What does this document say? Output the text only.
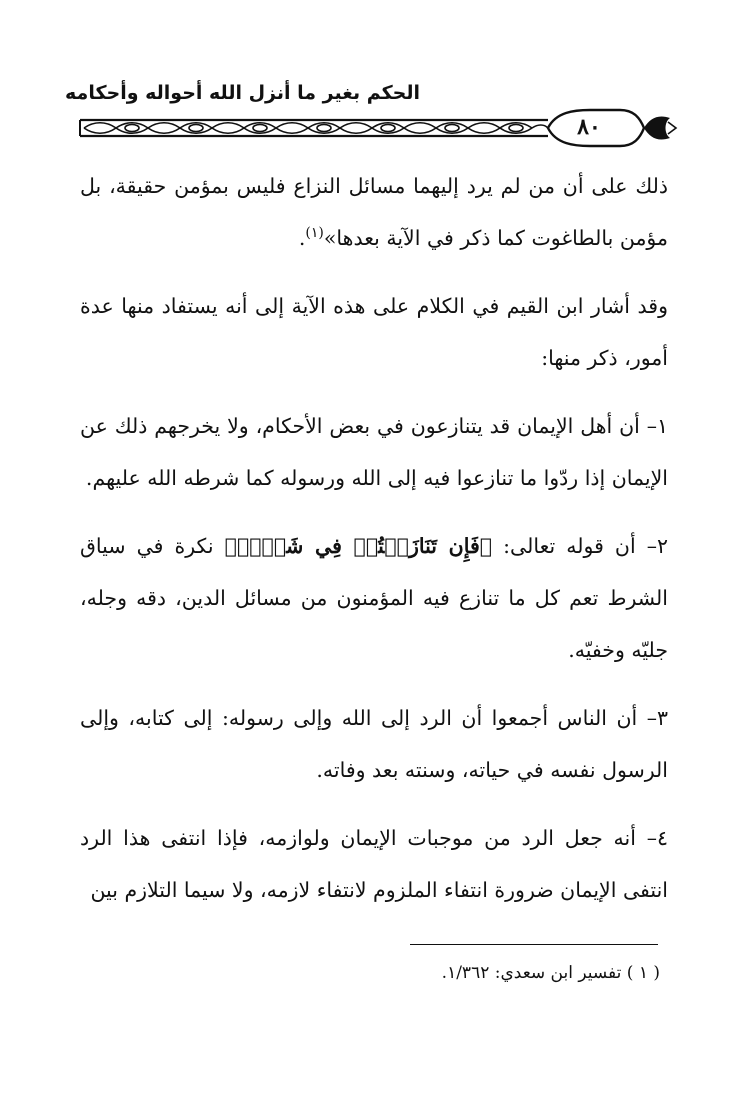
الحكم بغير ما أنزل الله أحواله وأحكامه
٨٠

ذلك على أن من لم يرد إليهما مسائل النزاع فليس بمؤمن حقيقة، بل مؤمن بالطاغوت كما ذكر في الآية بعدها»$^{(١)}$.

وقد أشار ابن القيم في الكلام على هذه الآية إلى أنه يستفاد منها عدة أمور، ذكر منها:

١– أن أهل الإيمان قد يتنازعون في بعض الأحكام، ولا يخرجهم ذلك عن الإيمان إذا ردّوا ما تنازعوا فيه إلى الله ورسوله كما شرطه الله عليهم.

٢– أن قوله تعالى: ﴿فَإِن تَنَازَعۡتُمۡ فِي شَيۡءٖ﴾ نكرة في سياق الشرط تعم كل ما تنازع فيه المؤمنون من مسائل الدين، دقه وجله، جليّه وخفيّه.

٣– أن الناس أجمعوا أن الرد إلى الله وإلى رسوله: إلى كتابه، وإلى الرسول نفسه في حياته، وسنته بعد وفاته.

٤– أنه جعل الرد من موجبات الإيمان ولوازمه، فإذا انتفى هذا الرد انتفى الإيمان ضرورة انتفاء الملزوم لانتفاء لازمه، ولا سيما التلازم بين

( ١ ) تفسير ابن سعدي: ١/٣٦٢.
